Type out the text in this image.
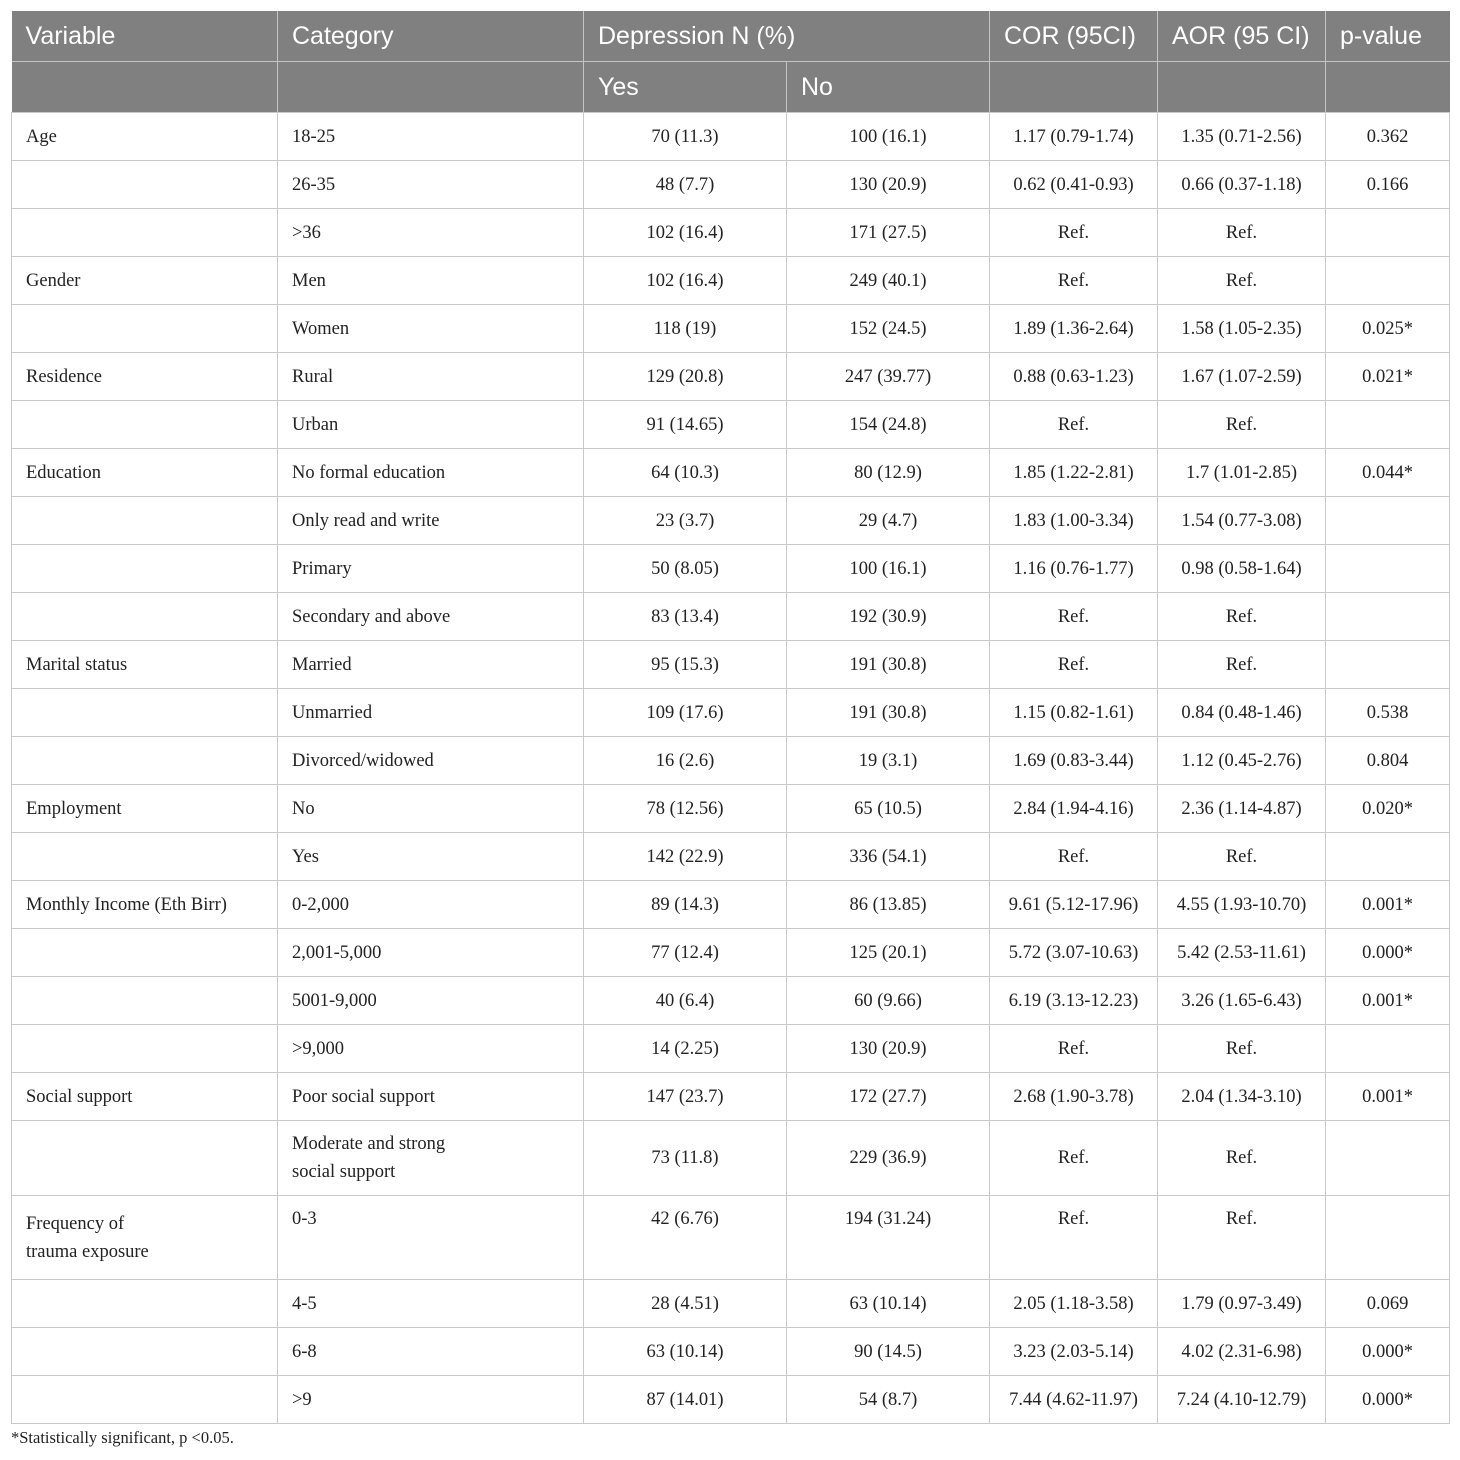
Variable	Category	Depression N (%)		COR (95CI)	AOR (95 CI)	p-value
		Yes	No			
Age	18-25	70 (11.3)	100 (16.1)	1.17 (0.79-1.74)	1.35 (0.71-2.56)	0.362
	26-35	48 (7.7)	130 (20.9)	0.62 (0.41-0.93)	0.66 (0.37-1.18)	0.166
	>36	102 (16.4)	171 (27.5)	Ref.	Ref.	
Gender	Men	102 (16.4)	249 (40.1)	Ref.	Ref.	
	Women	118 (19)	152 (24.5)	1.89 (1.36-2.64)	1.58 (1.05-2.35)	0.025*
Residence	Rural	129 (20.8)	247 (39.77)	0.88 (0.63-1.23)	1.67 (1.07-2.59)	0.021*
	Urban	91 (14.65)	154 (24.8)	Ref.	Ref.	
Education	No formal education	64 (10.3)	80 (12.9)	1.85 (1.22-2.81)	1.7 (1.01-2.85)	0.044*
	Only read and write	23 (3.7)	29 (4.7)	1.83 (1.00-3.34)	1.54 (0.77-3.08)	
	Primary	50 (8.05)	100 (16.1)	1.16 (0.76-1.77)	0.98 (0.58-1.64)	
	Secondary and above	83 (13.4)	192 (30.9)	Ref.	Ref.	
Marital status	Married	95 (15.3)	191 (30.8)	Ref.	Ref.	
	Unmarried	109 (17.6)	191 (30.8)	1.15 (0.82-1.61)	0.84 (0.48-1.46)	0.538
	Divorced/widowed	16 (2.6)	19 (3.1)	1.69 (0.83-3.44)	1.12 (0.45-2.76)	0.804
Employment	No	78 (12.56)	65 (10.5)	2.84 (1.94-4.16)	2.36 (1.14-4.87)	0.020*
	Yes	142 (22.9)	336 (54.1)	Ref.	Ref.	
Monthly Income (Eth Birr)	0-2,000	89 (14.3)	86 (13.85)	9.61 (5.12-17.96)	4.55 (1.93-10.70)	0.001*
	2,001-5,000	77 (12.4)	125 (20.1)	5.72 (3.07-10.63)	5.42 (2.53-11.61)	0.000*
	5001-9,000	40 (6.4)	60 (9.66)	6.19 (3.13-12.23)	3.26 (1.65-6.43)	0.001*
	>9,000	14 (2.25)	130 (20.9)	Ref.	Ref.	
Social support	Poor social support	147 (23.7)	172 (27.7)	2.68 (1.90-3.78)	2.04 (1.34-3.10)	0.001*
	Moderate and strong
social support	73 (11.8)	229 (36.9)	Ref.	Ref.	
Frequency of
trauma exposure	0-3	42 (6.76)	194 (31.24)	Ref.	Ref.	
	4-5	28 (4.51)	63 (10.14)	2.05 (1.18-3.58)	1.79 (0.97-3.49)	0.069
	6-8	63 (10.14)	90 (14.5)	3.23 (2.03-5.14)	4.02 (2.31-6.98)	0.000*
	>9	87 (14.01)	54 (8.7)	7.44 (4.62-11.97)	7.24 (4.10-12.79)	0.000*
*Statistically significant, p <0.05.
